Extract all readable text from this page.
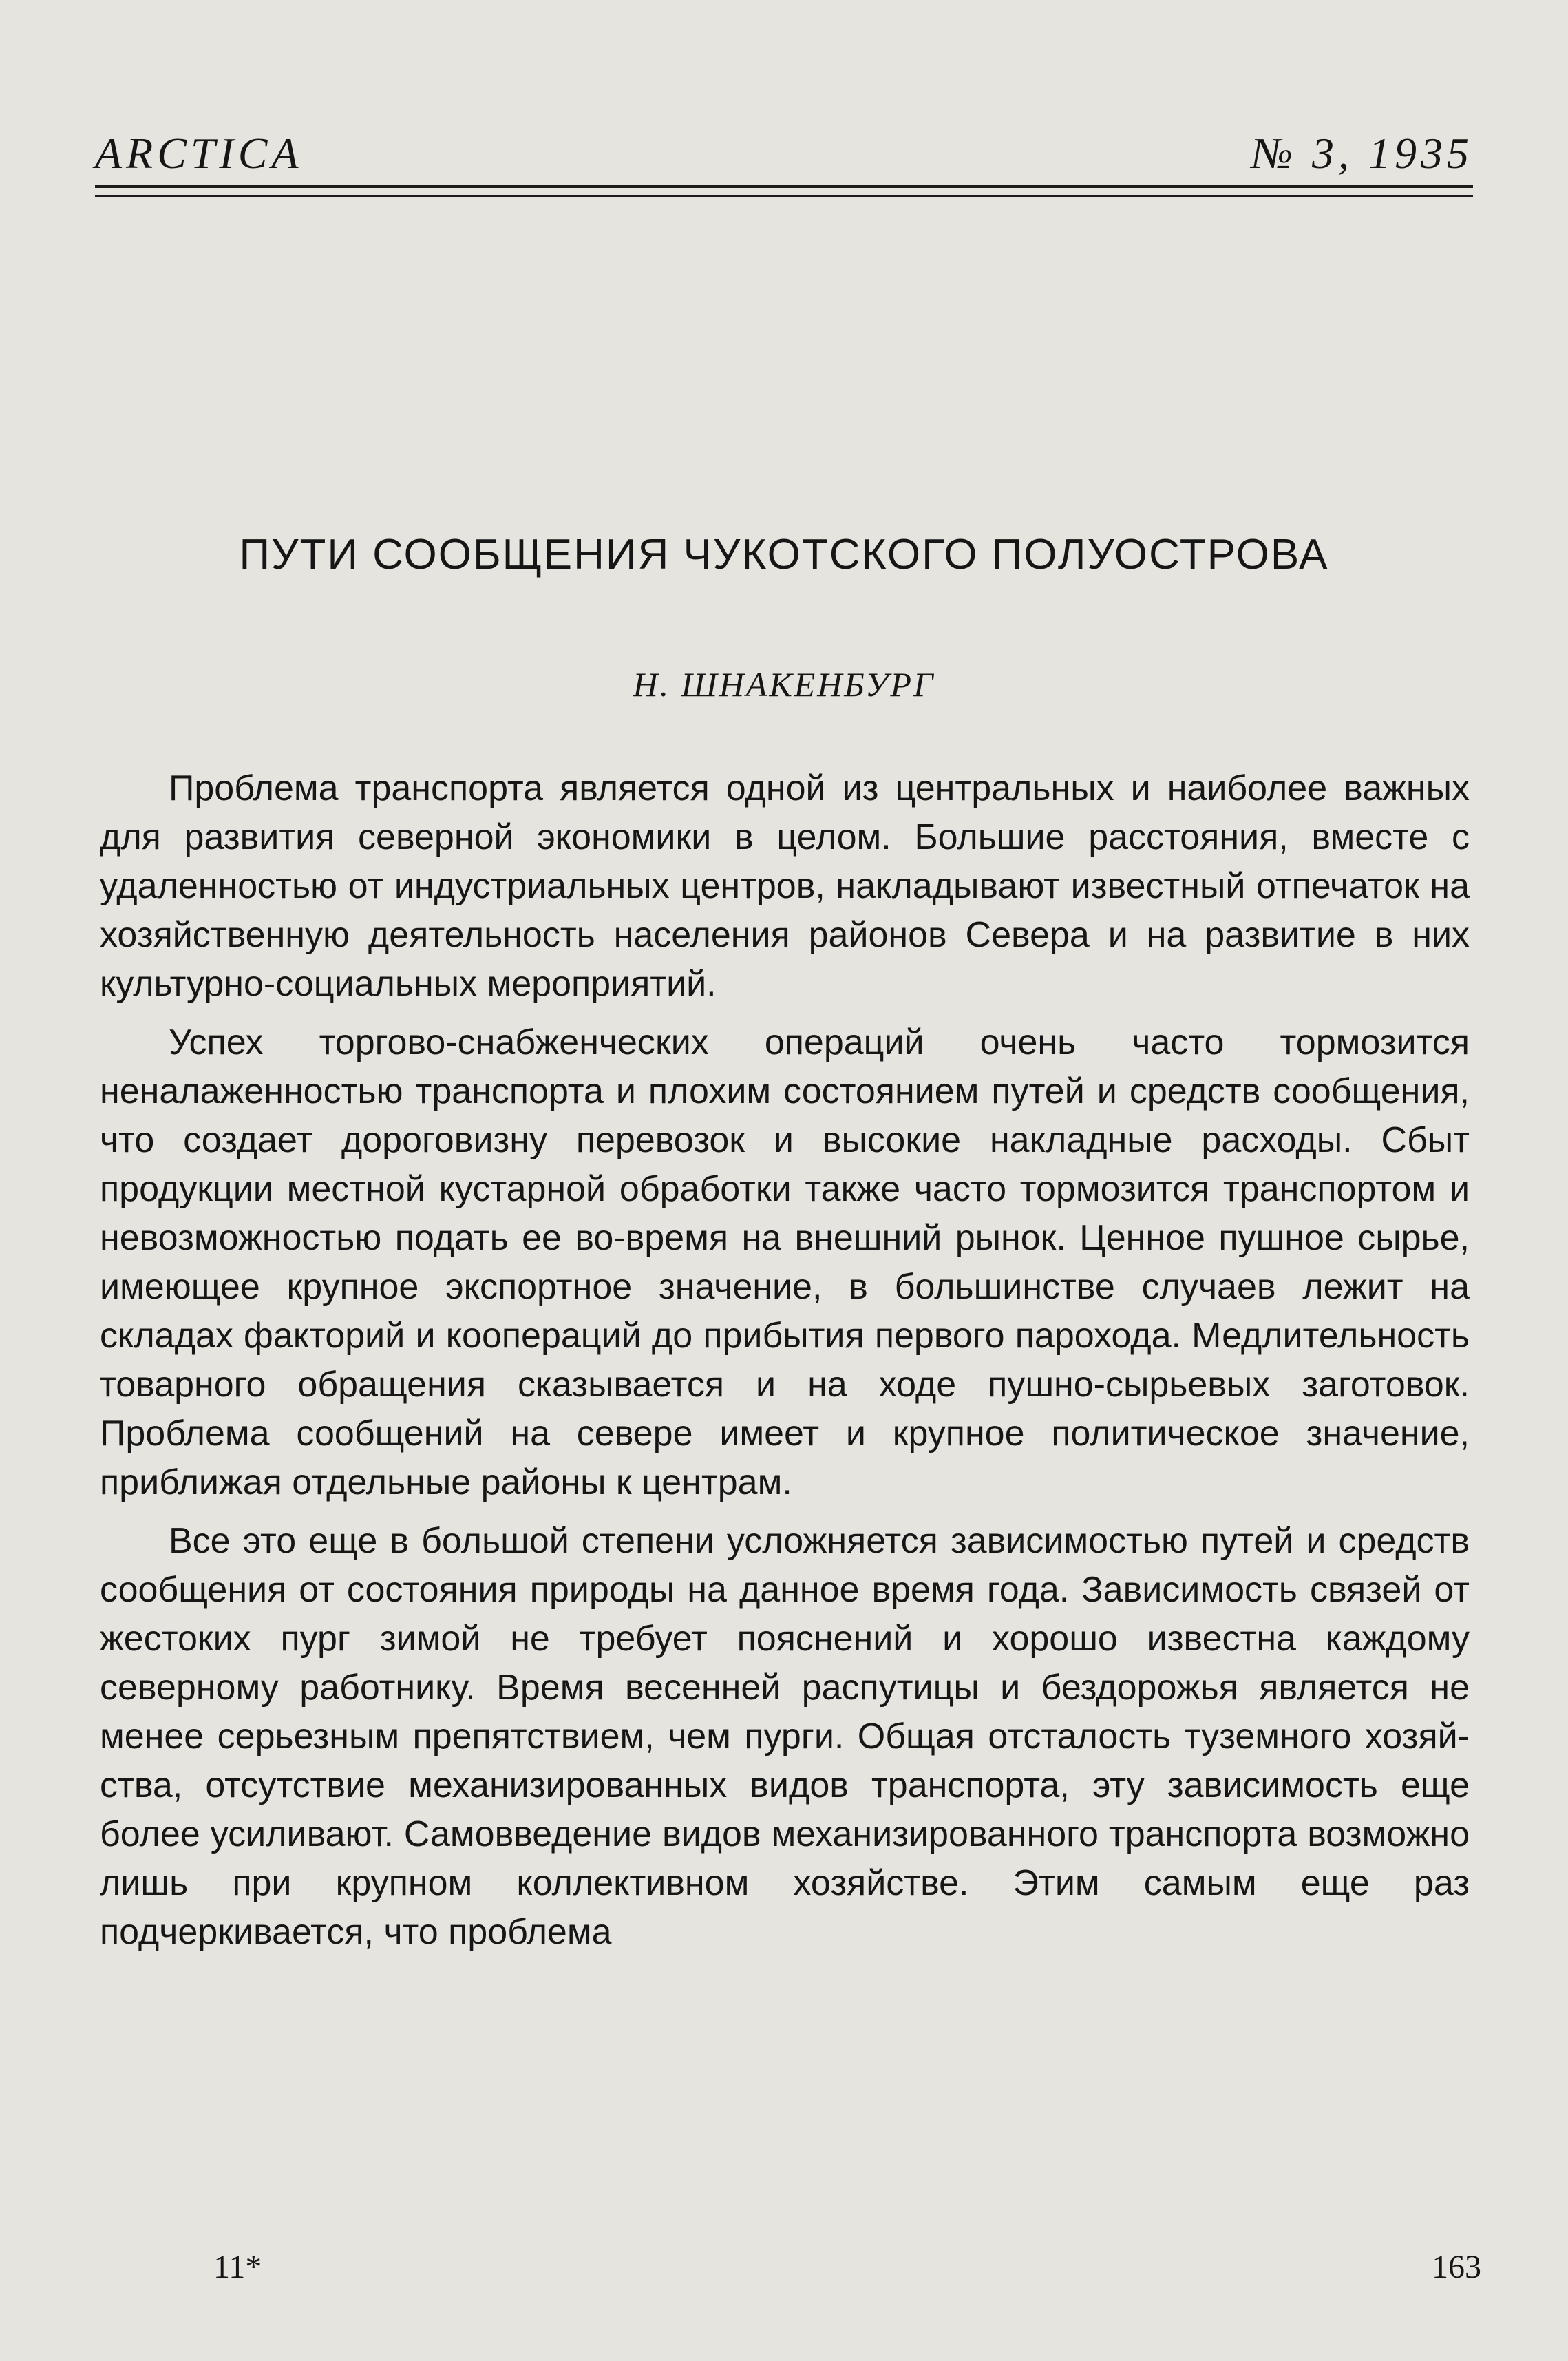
ARCTICA	№ 3, 1935
ПУТИ СООБЩЕНИЯ ЧУКОТСКОГО ПОЛУОСТРОВА
Н. ШНАКЕНБУРГ

Проблема транспорта является одной из центральных и наиболее важных для развития северной экономики в целом. Большие расстояния, вместе с удаленностью от индустриальных центров, накладывают известный отпечаток на хозяйственную деятельность населения районов Севера и на развитие в них культурно-социальных мероприятий.

Успех торгово-снабженческих операций очень часто тормозится неналаженностью транспорта и плохим состоянием путей и средств сообщения, что создает дороговизну перевозок и высокие накладные расходы. Сбыт продукции местной кустарной обработки также часто тормозится транспортом и невозможностью подать ее во-время на внешний рынок. Ценное пушное сырье, имеющее крупное экспортное значение, в большинстве случаев лежит на складах факторий и коопераций до прибытия первого парохода. Медлительность товарного обращения сказывается и на ходе пушно-сырьевых заготовок. Проблема сообщений на севере имеет и крупное политическое значение, приближая отдельные районы к центрам.

Все это еще в большой степени усложняется зависимостью путей и средств сообщения от состояния природы на данное время года. Зависимость связей от жестоких пург зимой не требует пояснений и хорошо известна каждому северному работнику. Время весенней распутицы и бездорожья является не менее серьезным препятствием, чем пурги. Общая отсталость туземного хозяйства, отсутствие механизированных видов транспорта, эту зависимость еще более усиливают. Самовведение видов механизированного транспорта возможно лишь при крупном коллективном хозяйстве. Этим самым еще раз подчеркивается, что проблема

11*	163
